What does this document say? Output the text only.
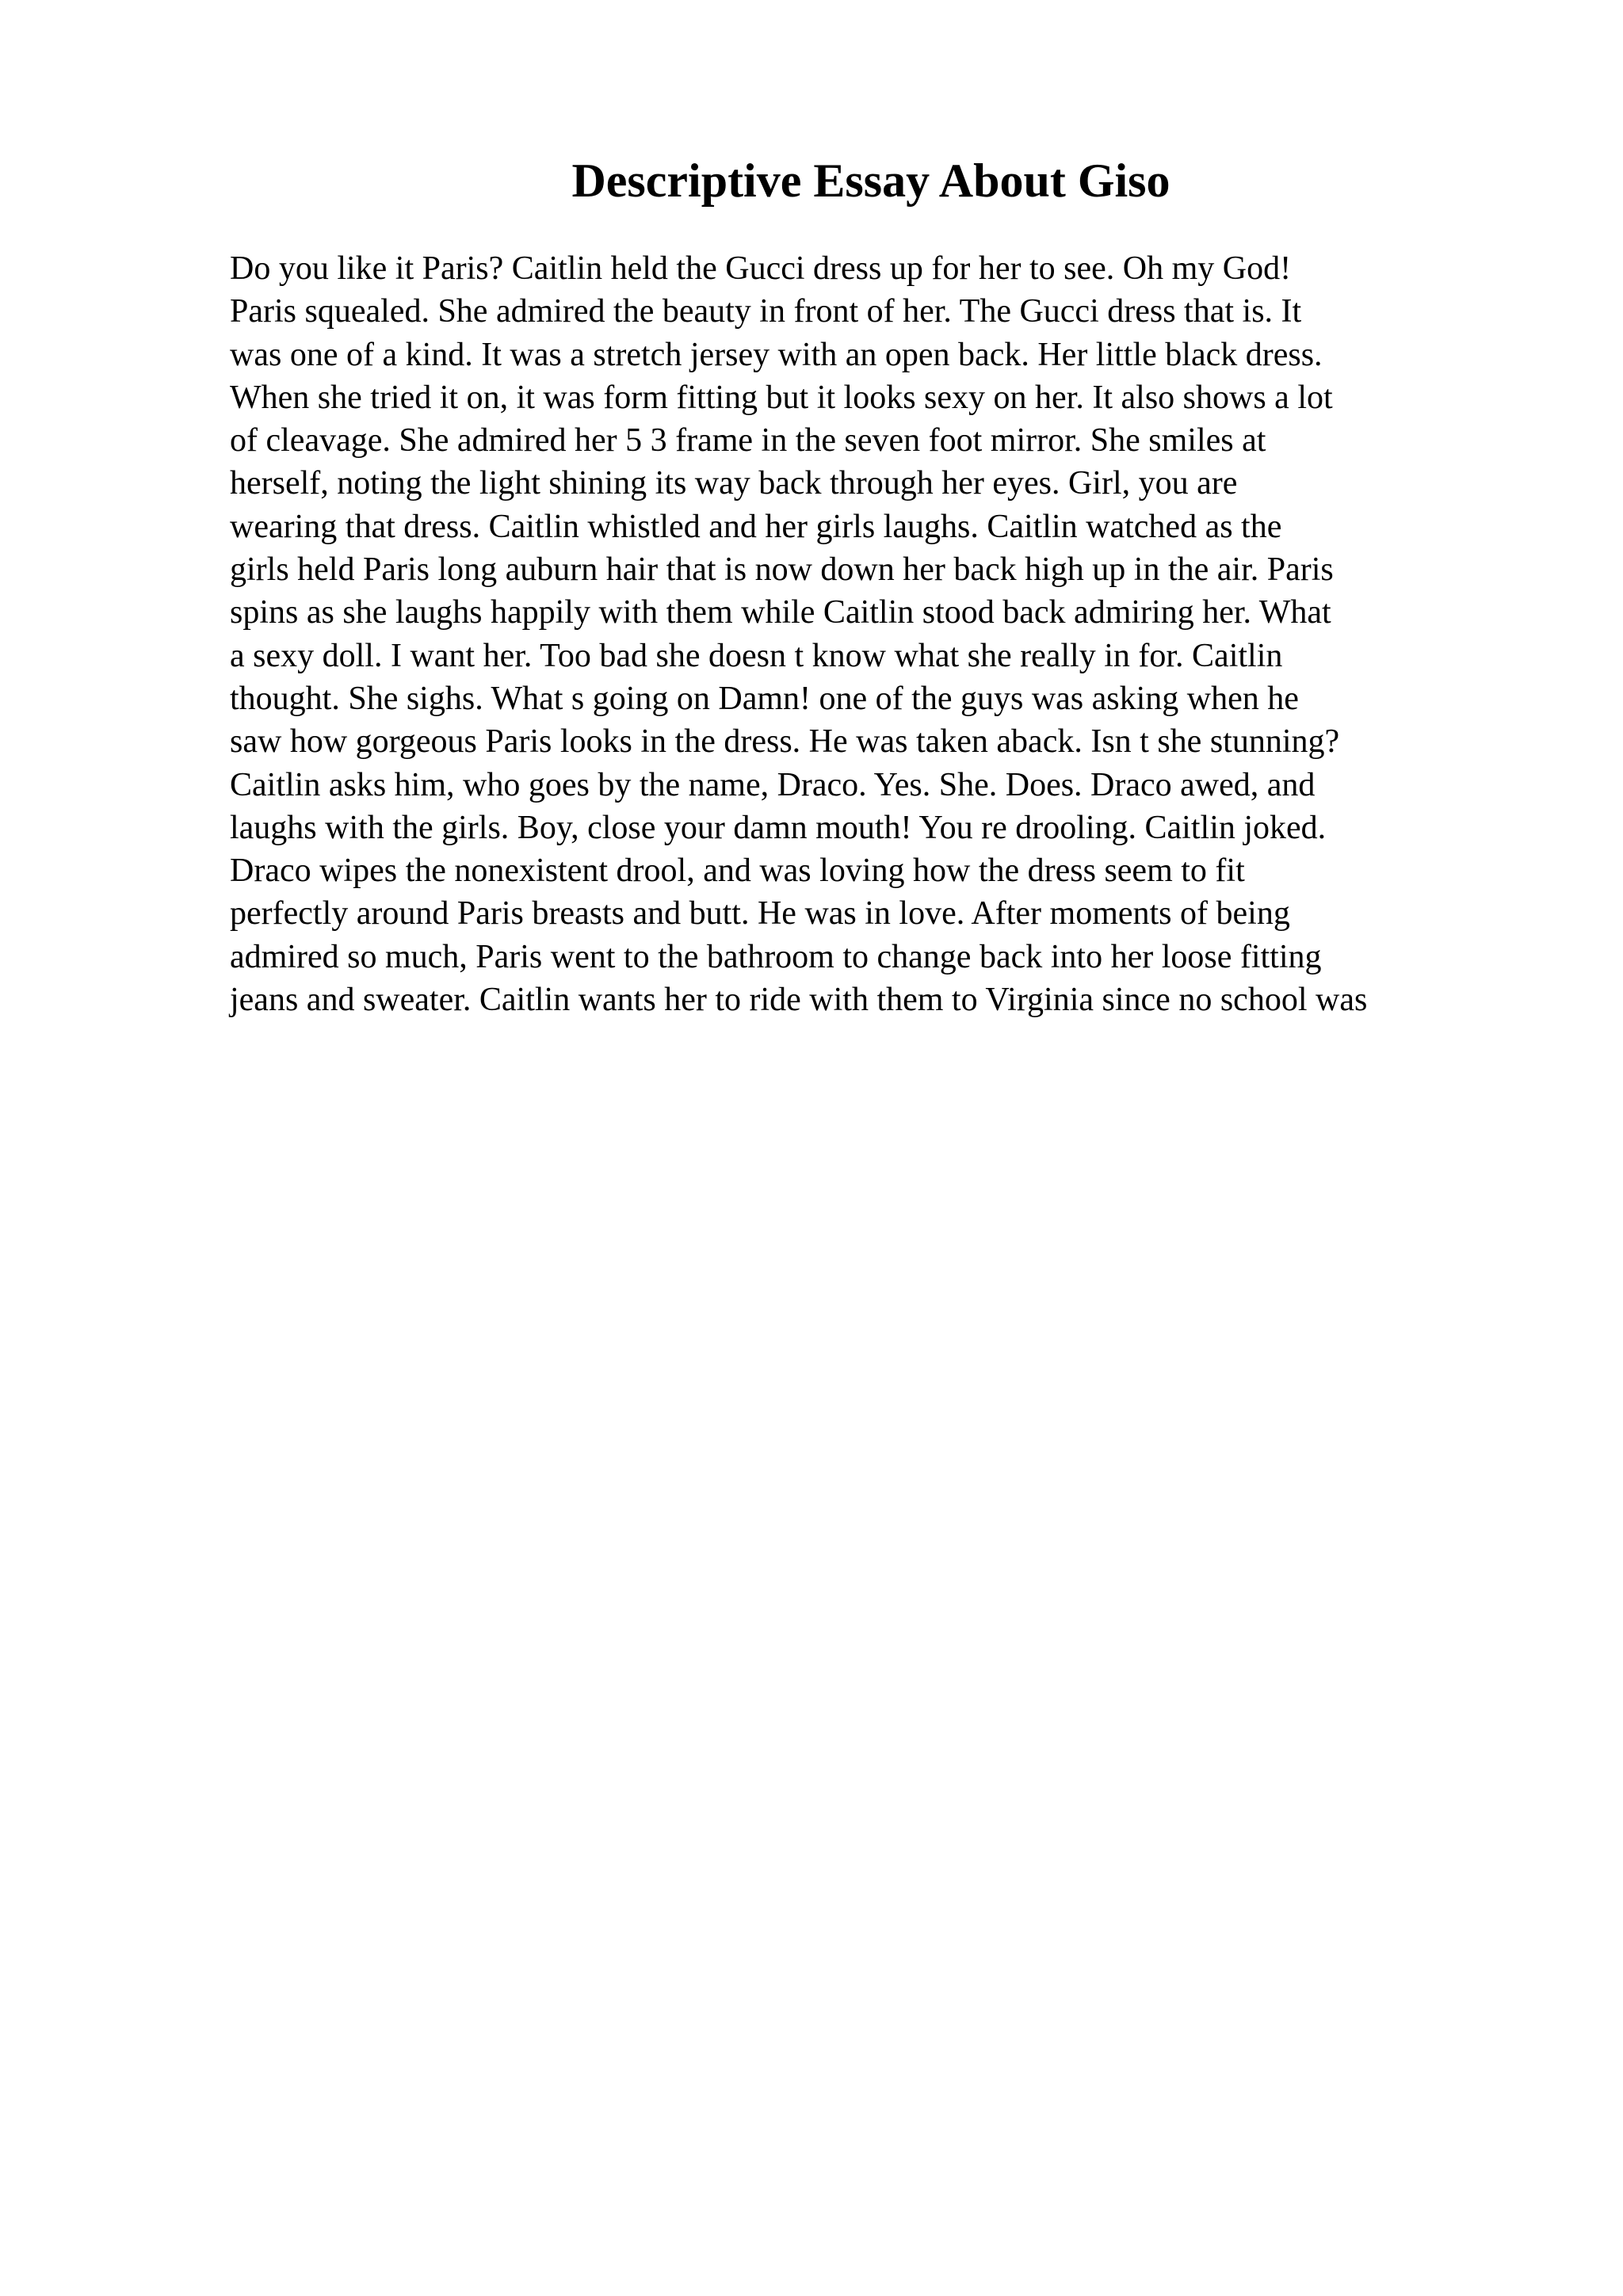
Descriptive Essay About Giso
Do you like it Paris? Caitlin held the Gucci dress up for her to see. Oh my God!
Paris squealed. She admired the beauty in front of her. The Gucci dress that is. It
was one of a kind. It was a stretch jersey with an open back. Her little black dress.
When she tried it on, it was form fitting but it looks sexy on her. It also shows a lot
of cleavage. She admired her 5 3 frame in the seven foot mirror. She smiles at
herself, noting the light shining its way back through her eyes. Girl, you are
wearing that dress. Caitlin whistled and her girls laughs. Caitlin watched as the
girls held Paris long auburn hair that is now down her back high up in the air. Paris
spins as she laughs happily with them while Caitlin stood back admiring her. What
a sexy doll. I want her. Too bad she doesn t know what she really in for. Caitlin
thought. She sighs. What s going on Damn! one of the guys was asking when he
saw how gorgeous Paris looks in the dress. He was taken aback. Isn t she stunning?
Caitlin asks him, who goes by the name, Draco. Yes. She. Does. Draco awed, and
laughs with the girls. Boy, close your damn mouth! You re drooling. Caitlin joked.
Draco wipes the nonexistent drool, and was loving how the dress seem to fit
perfectly around Paris breasts and butt. He was in love. After moments of being
admired so much, Paris went to the bathroom to change back into her loose fitting
jeans and sweater. Caitlin wants her to ride with them to Virginia since no school was
